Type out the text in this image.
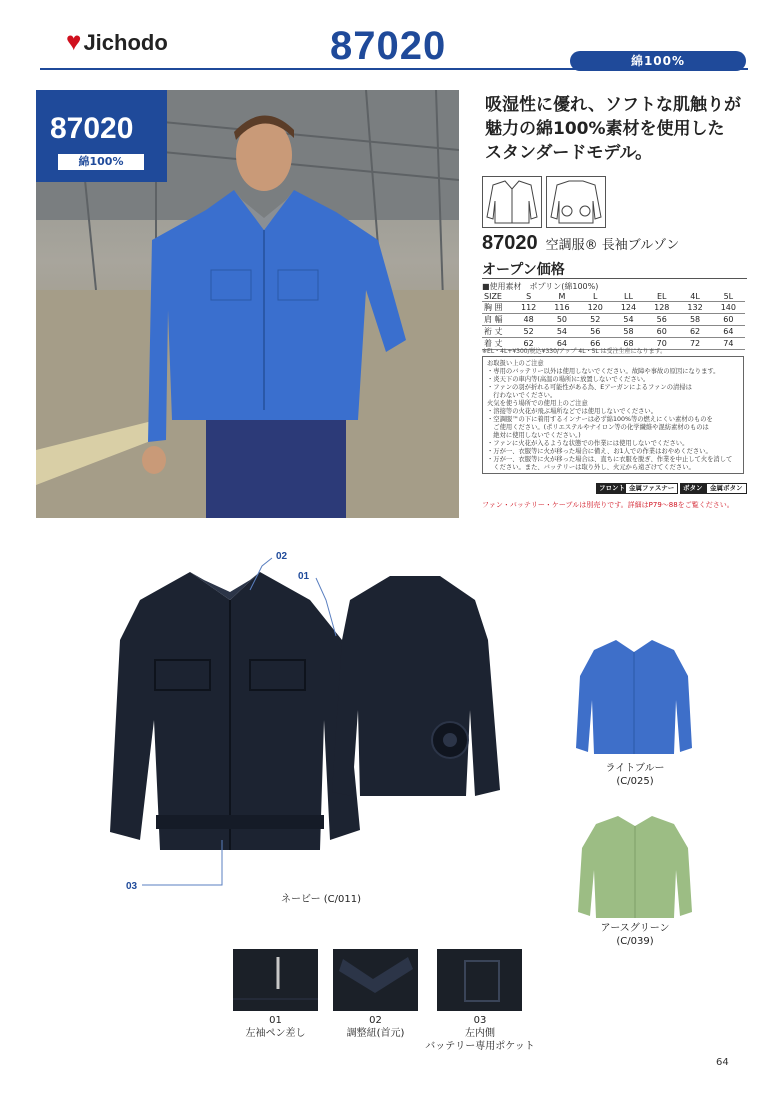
♥Jichodo	87020	綿100%
87020
綿100%
吸湿性に優れ、ソフトな肌触りが
魅力の綿100%素材を使用した
スタンダードモデル。
87020 空調服® 長袖ブルゾン
オープン価格
■使用素材　ポプリン(綿100%)
SIZE	S	M	L	LL	EL	4L	5L
胸 囲	112	116	120	124	128	132	140
肩 幅	48	50	52	54	56	58	60
裄 丈	52	54	56	58	60	62	64
着 丈	62	64	66	68	70	72	74
※EL・4L+¥300/税込¥330/アップ 4L・5L は受注生産になります。
お取扱い上のご注意
・専用のバッテリー以外は使用しないでください。故障や事故の原因になります。
・炎天下の車内等(高温の場所)に放置しないでください。
・ファンの羽が折れる可能性がある為、Eアーガンによるファンの清掃は
　行わないでください。
火気を使う場所での使用上のご注意
・溶接等の火花が飛ぶ場所などでは使用しないでください。
・空調服™の下に着用するインナーは必ず綿100%等の燃えにくい素材のものを
　ご使用ください。(ポリエステルやナイロン等の化学繊維や混紡素材のものは
　絶対に使用しないでください。)
・ファンに火花が入るような状態での作業には使用しないでください。
・万が一、衣服等に火が移った場合に備え、お1人での作業はおやめください。
・万が一、衣服等に火が移った場合は、直ちに衣服を脱ぎ、作業を中止して火を消して
　ください。また、バッテリーは取り外し、火元から遠ざけてください。
フロント 金属ファスナー	ボタン	金属ボタン
ファン・バッテリー・ケーブルは別売りです。詳細はP79～88をご覧ください。
02
01
03
ネービー (C/011)
ライトブルー
(C/025)
アースグリーン
(C/039)
01
左袖ペン差し
02
調整紐(首元)
03
左内側
バッテリー専用ポケット
64
